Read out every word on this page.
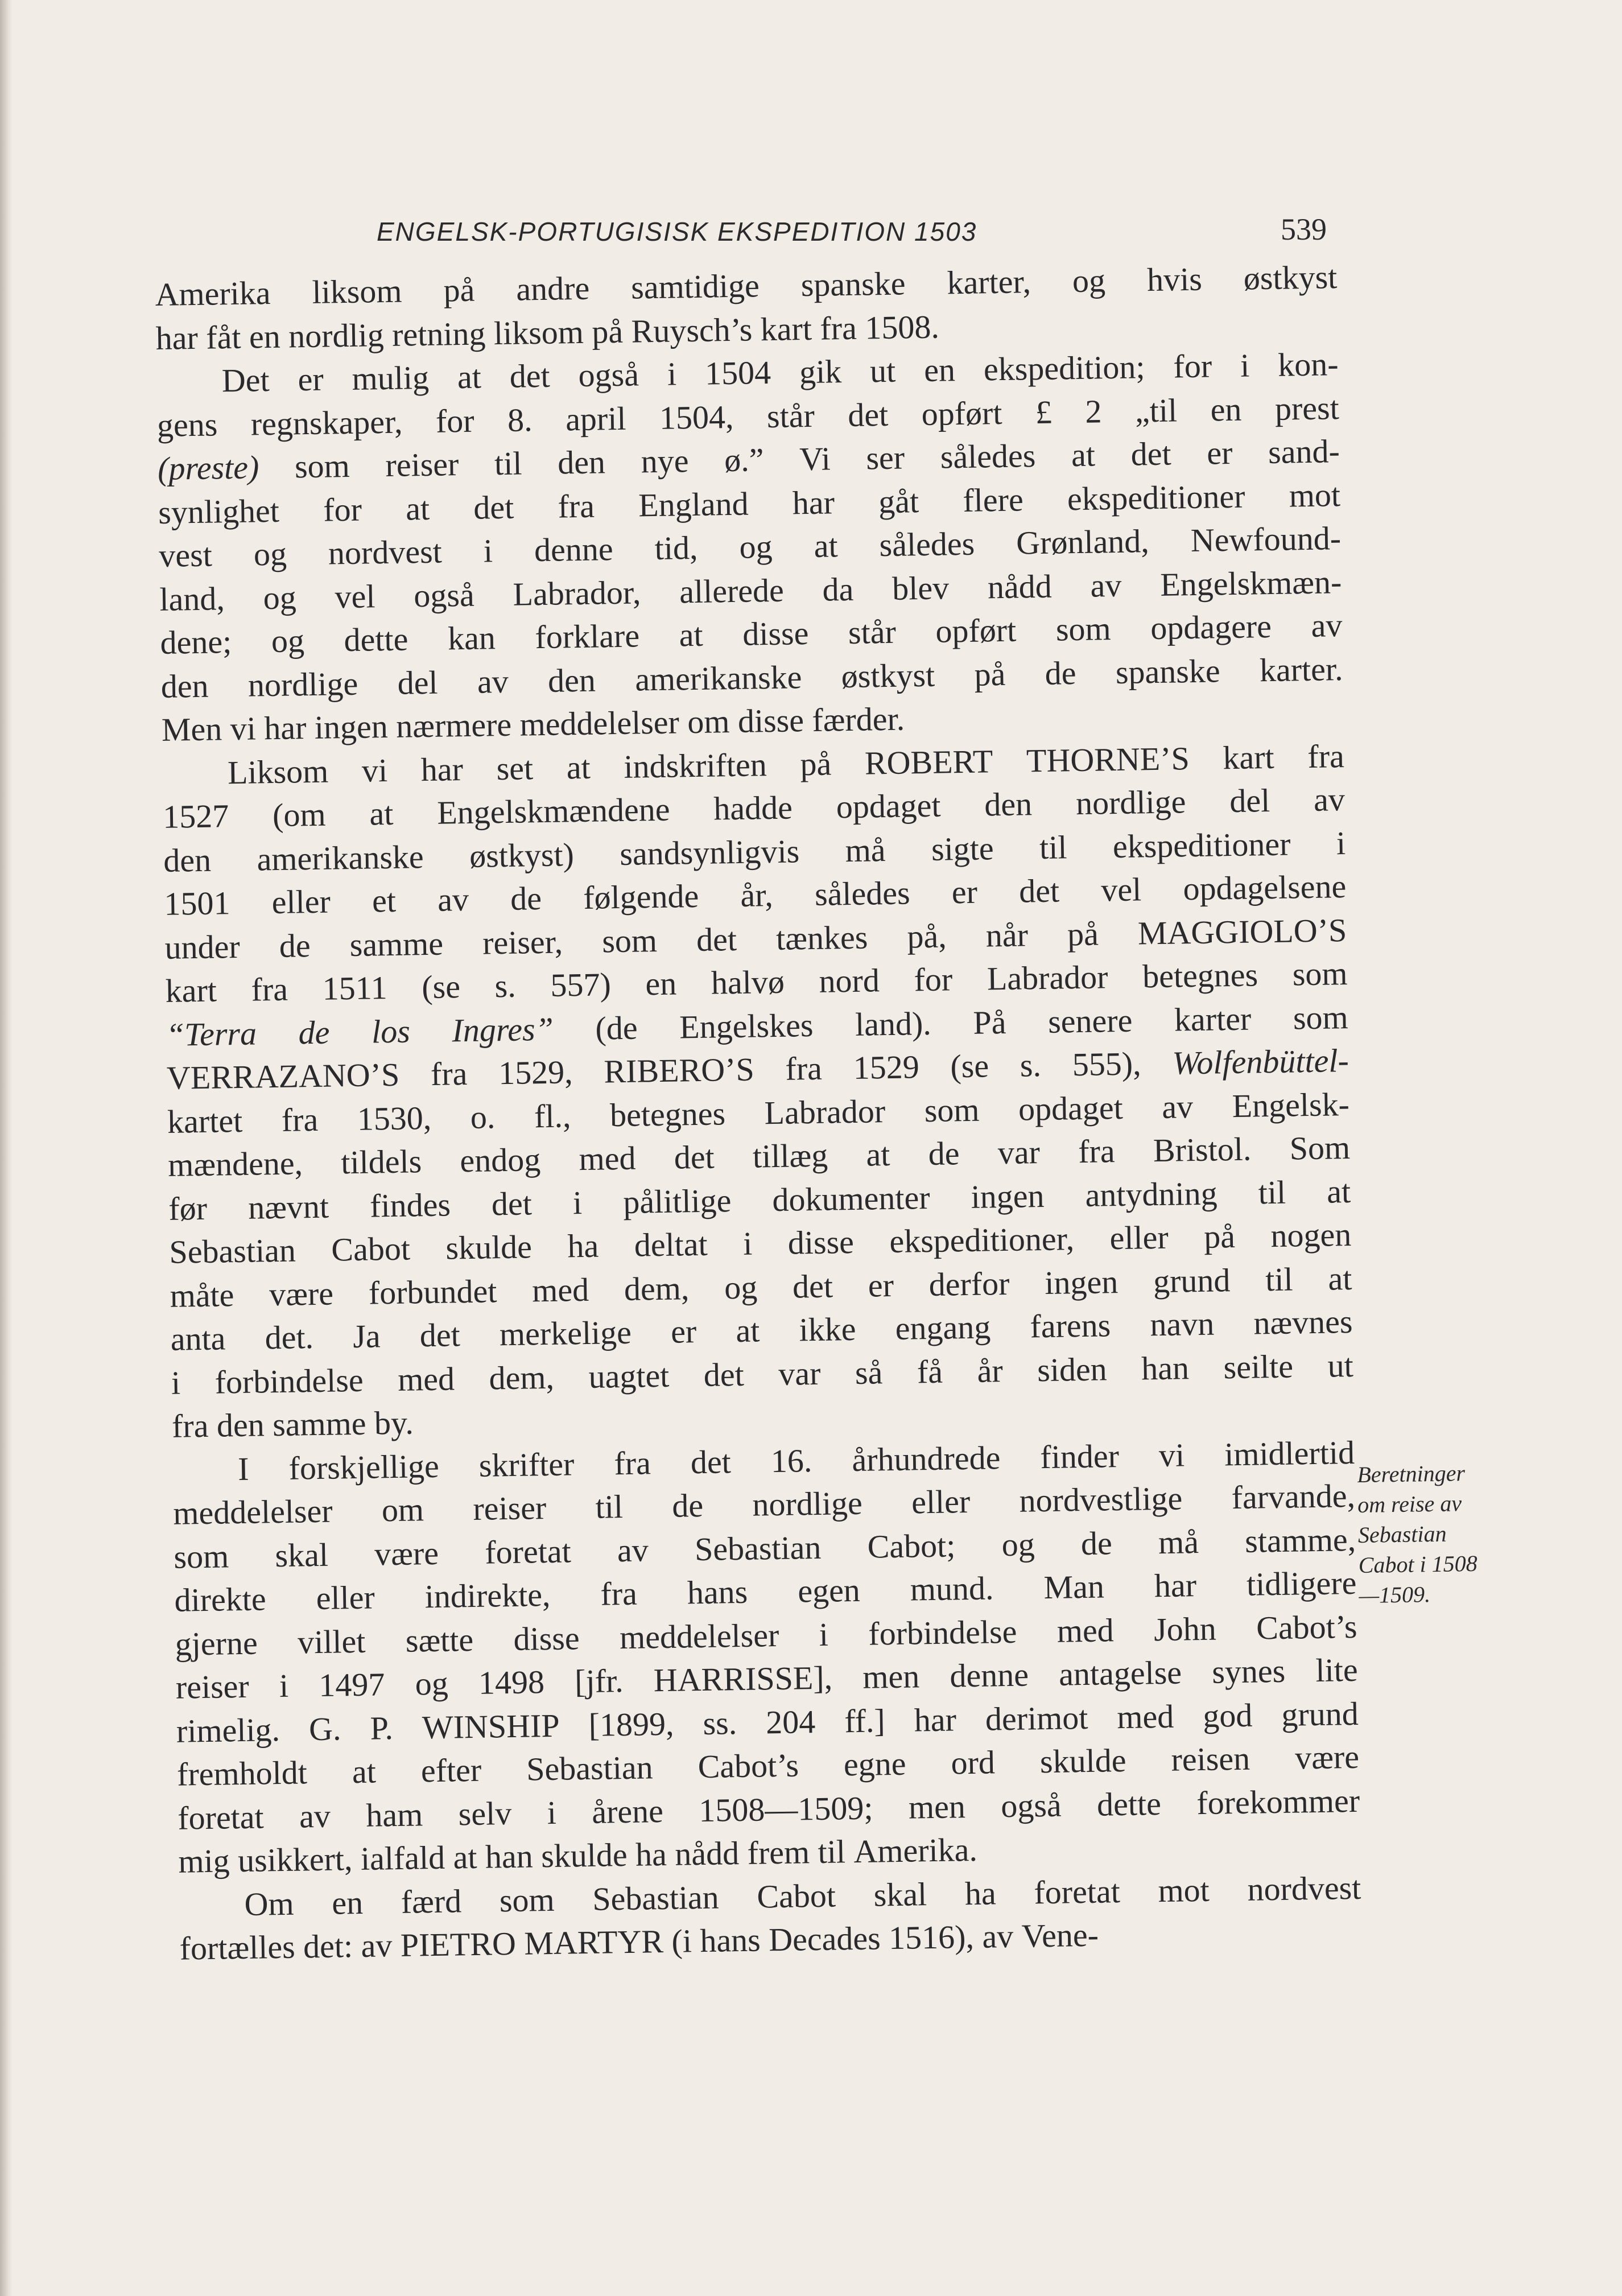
ENGELSK-PORTUGISISK EKSPEDITION 1503	539
Amerika liksom på andre samtidige spanske karter, og hvis østkyst
har fåt en nordlig retning liksom på Ruysch’s kart fra 1508.
Det er mulig at det også i 1504 gik ut en ekspedition; for i kon-
gens regnskaper, for 8. april 1504, står det opført £ 2 „til en prest
(preste) som reiser til den nye ø.” Vi ser således at det er sand-
synlighet for at det fra England har gåt flere ekspeditioner mot
vest og nordvest i denne tid, og at således Grønland, Newfound-
land, og vel også Labrador, allerede da blev nådd av Engelskmæn-
dene; og dette kan forklare at disse står opført som opdagere av
den nordlige del av den amerikanske østkyst på de spanske karter.
Men vi har ingen nærmere meddelelser om disse færder.
Liksom vi har set at indskriften på ROBERT THORNE’S kart fra
1527 (om at Engelskmændene hadde opdaget den nordlige del av
den amerikanske østkyst) sandsynligvis må sigte til ekspeditioner i
1501 eller et av de følgende år, således er det vel opdagelsene
under de samme reiser, som det tænkes på, når på MAGGIOLO’S
kart fra 1511 (se s. 557) en halvø nord for Labrador betegnes som
“Terra de los Ingres” (de Engelskes land). På senere karter som
VERRAZANO’S fra 1529, RIBERO’S fra 1529 (se s. 555), Wolfenbüttel-
kartet fra 1530, o. fl., betegnes Labrador som opdaget av Engelsk-
mændene, tildels endog med det tillæg at de var fra Bristol. Som
før nævnt findes det i pålitlige dokumenter ingen antydning til at
Sebastian Cabot skulde ha deltat i disse ekspeditioner, eller på nogen
måte være forbundet med dem, og det er derfor ingen grund til at
anta det. Ja det merkelige er at ikke engang farens navn nævnes
i forbindelse med dem, uagtet det var så få år siden han seilte ut
fra den samme by.
I forskjellige skrifter fra det 16. århundrede finder vi imidlertid
meddelelser om reiser til de nordlige eller nordvestlige farvande,
som skal være foretat av Sebastian Cabot; og de må stamme,
direkte eller indirekte, fra hans egen mund. Man har tidligere
gjerne villet sætte disse meddelelser i forbindelse med John Cabot’s
reiser i 1497 og 1498 [jfr. HARRISSE], men denne antagelse synes lite
rimelig. G. P. WINSHIP [1899, ss. 204 ff.] har derimot med god grund
fremholdt at efter Sebastian Cabot’s egne ord skulde reisen være
foretat av ham selv i årene 1508—1509; men også dette forekommer
mig usikkert, ialfald at han skulde ha nådd frem til Amerika.
Om en færd som Sebastian Cabot skal ha foretat mot nordvest
fortælles det: av PIETRO MARTYR (i hans Decades 1516), av Vene-
Beretninger
om reise av
Sebastian
Cabot i 1508
—1509.
